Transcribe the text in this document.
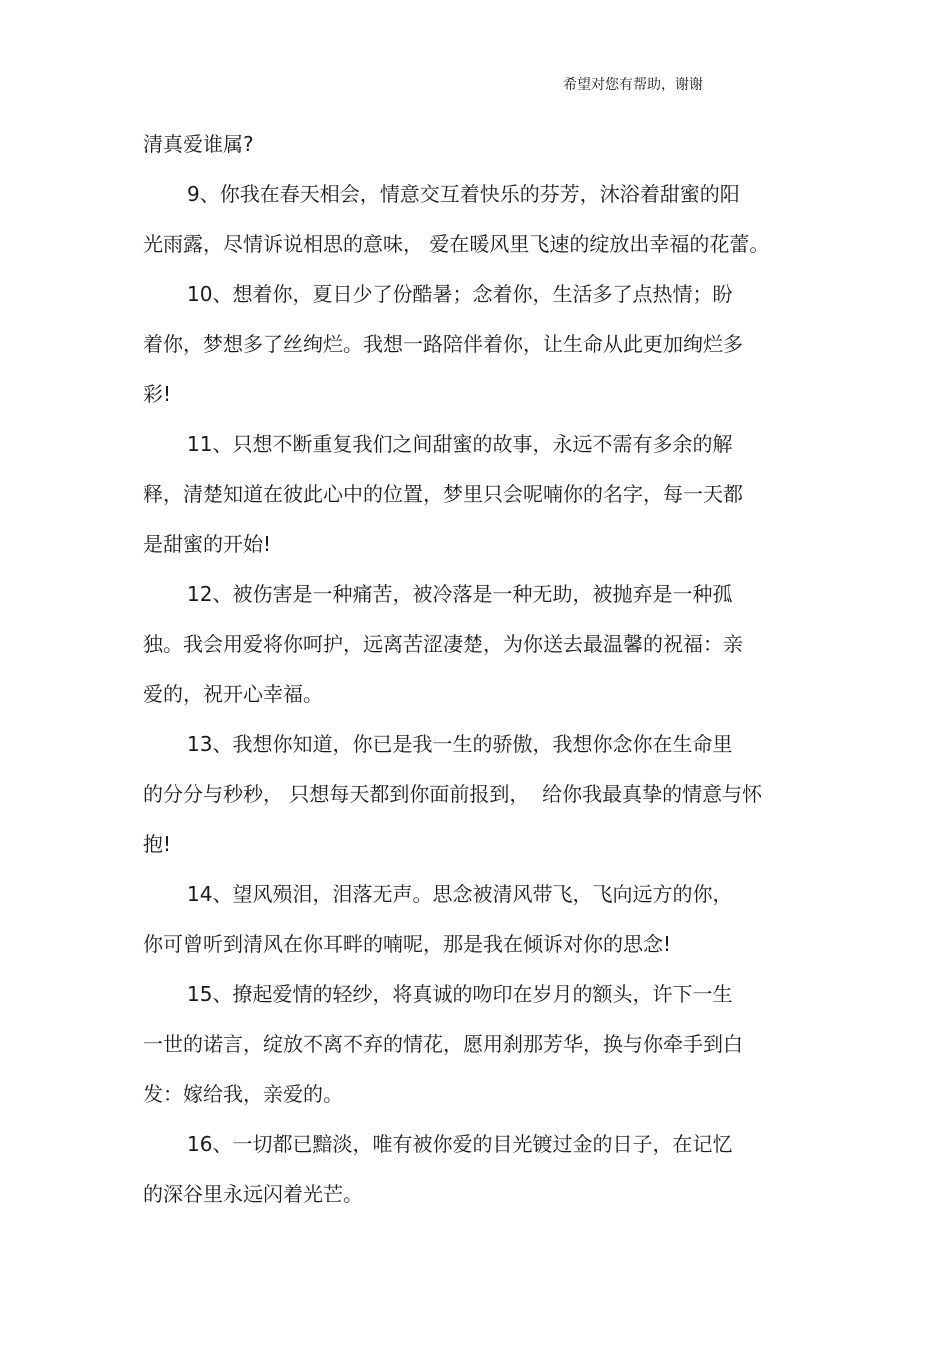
希望对您有帮助，谢谢
清真爱谁属?
9、你我在春天相会，情意交互着快乐的芬芳，沐浴着甜蜜的阳
光雨露，尽情诉说相思的意味， 爱在暖风里飞速的绽放出幸福的花蕾。
10、想着你，夏日少了份酷暑；念着你，生活多了点热情；盼
着你，梦想多了丝绚烂。我想一路陪伴着你，让生命从此更加绚烂多
彩!
11、只想不断重复我们之间甜蜜的故事，永远不需有多余的解
释，清楚知道在彼此心中的位置，梦里只会呢喃你的名字，每一天都
是甜蜜的开始!
12、被伤害是一种痛苦，被冷落是一种无助，被抛弃是一种孤
独。我会用爱将你呵护，远离苦涩凄楚，为你送去最温馨的祝福：亲
爱的，祝开心幸福。
13、我想你知道，你已是我一生的骄傲，我想你念你在生命里
的分分与秒秒， 只想每天都到你面前报到，  给你我最真挚的情意与怀
抱!
14、望风殒泪，泪落无声。思念被清风带飞，飞向远方的你，
你可曾听到清风在你耳畔的喃呢，那是我在倾诉对你的思念!
15、撩起爱情的轻纱，将真诚的吻印在岁月的额头，许下一生
一世的诺言，绽放不离不弃的情花，愿用刹那芳华，换与你牵手到白
发：嫁给我，亲爱的。
16、一切都已黯淡，唯有被你爱的目光镀过金的日子，在记忆
的深谷里永远闪着光芒。
